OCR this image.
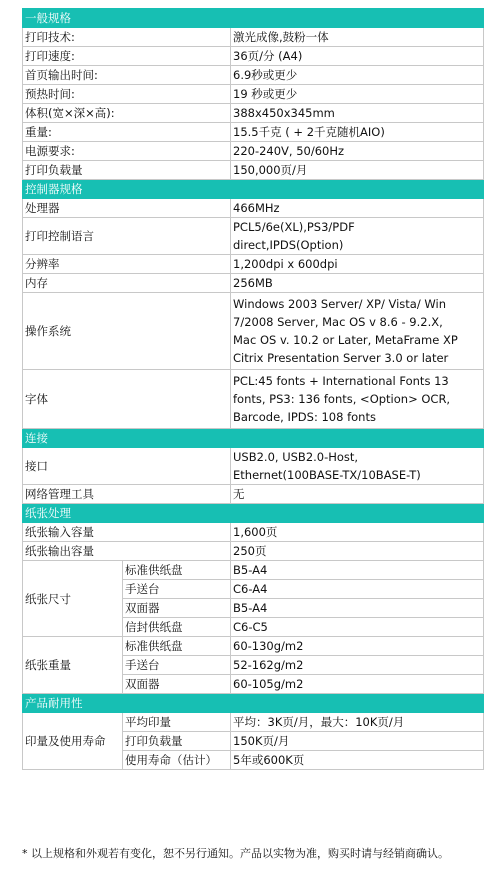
一般规格		
打印技术:		激光成像,鼓粉一体
打印速度:		36页/分 (A4)
首页输出时间:		6.9秒或更少
预热时间:		19 秒或更少
体积(宽×深×高):		388x450x345mm
重量:		15.5千克 ( + 2千克随机AIO)
电源要求:		220-240V, 50/60Hz
打印负载量		150,000页/月
控制器规格		
处理器		466MHz
打印控制语言		PCL5/6e(XL),PS3/PDF
direct,IPDS(Option)

分辨率		1,200dpi x 600dpi
内存		256MB
操作系统		Windows 2003 Server/ XP/ Vista/ Win
7/2008 Server, Mac OS v 8.6 - 9.2.X,
Mac OS v. 10.2 or Later, MetaFrame XP
Citrix Presentation Server 3.0 or later

字体		PCL:45 fonts + International Fonts 13
fonts, PS3: 136 fonts, <Option> OCR,
Barcode, IPDS: 108 fonts

连接		
接口		USB2.0, USB2.0-Host,
Ethernet(100BASE-TX/10BASE-T)

网络管理工具		无
纸张处理		
纸张输入容量		1,600页
纸张输出容量		250页
纸张尺寸	标准供纸盘	B5-A4
	手送台	C6-A4
	双面器	B5-A4
	信封供纸盘	C6-C5
纸张重量	标准供纸盘	60-130g/m2
	手送台	52-162g/m2
	双面器	60-105g/m2
产品耐用性		
印量及使用寿命	平均印量	平均：3K页/月，最大：10K页/月
	打印负载量	150K页/月
	使用寿命（估计）	5年或600K页
* 以上规格和外观若有变化，恕不另行通知。产品以实物为准，购买时请与经销商确认。
